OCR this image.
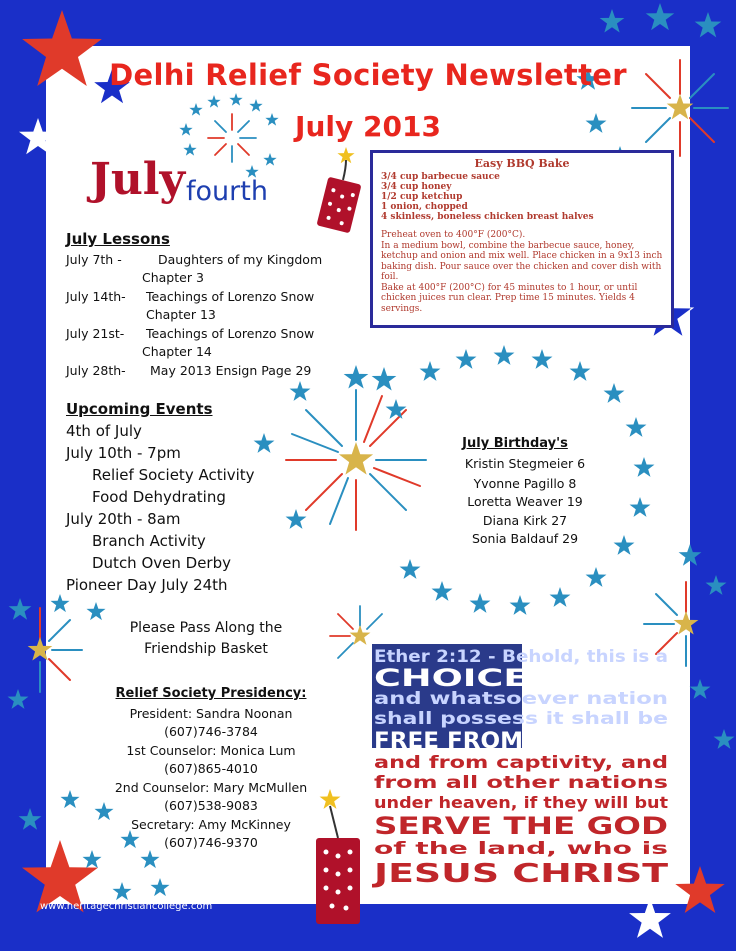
Delhi Relief Society Newsletter
July 2013
July fourth
Easy BBQ Bake
3/4 cup barbecue sauce
3/4 cup honey
1/2 cup ketchup
1 onion, chopped
4 skinless, boneless chicken breast halves
Preheat oven to 400°F (200°C).
In a medium bowl, combine the barbecue sauce, honey,
ketchup and onion and mix well. Place chicken in a 9x13 inch
baking dish. Pour sauce over the chicken and cover dish with
foil.
Bake at 400°F (200°C) for 45 minutes to 1 hour, or until
chicken juices run clear. Prep time 15 minutes. Yields 4
servings.
July Lessons
July 7th -	Daughters of my Kingdom
Chapter 3
July 14th- Teachings of Lorenzo Snow
Chapter 13
July 21st- Teachings of Lorenzo Snow
Chapter 14
July 28th- May 2013 Ensign Page 29
Upcoming Events
4th of July
July 10th - 7pm
Relief Society Activity
Food Dehydrating
July 20th - 8am
Branch Activity
Dutch Oven Derby
Pioneer Day July 24th
July Birthday's
Kristin Stegmeier 6
Yvonne Pagillo 8
Loretta Weaver 19
Diana Kirk 27
Sonia Baldauf 29
Please Pass Along the
Friendship Basket
Relief Society Presidency:
President: Sandra Noonan
(607)746-3784
1st Counselor: Monica Lum
(607)865-4010
2nd Counselor: Mary McMullen
(607)538-9083
Secretary: Amy McKinney
(607)746-9370
Ether 2:12 - Behold, this is a
CHOICE LAND,
and whatsoever nation
shall possess it shall be
FREE FROM BONDAGE,
and from captivity, and
from all other nations
under heaven, if they will but
SERVE THE GOD
of the land, who is
JESUS CHRIST
www.heritagechristiancollege.com
